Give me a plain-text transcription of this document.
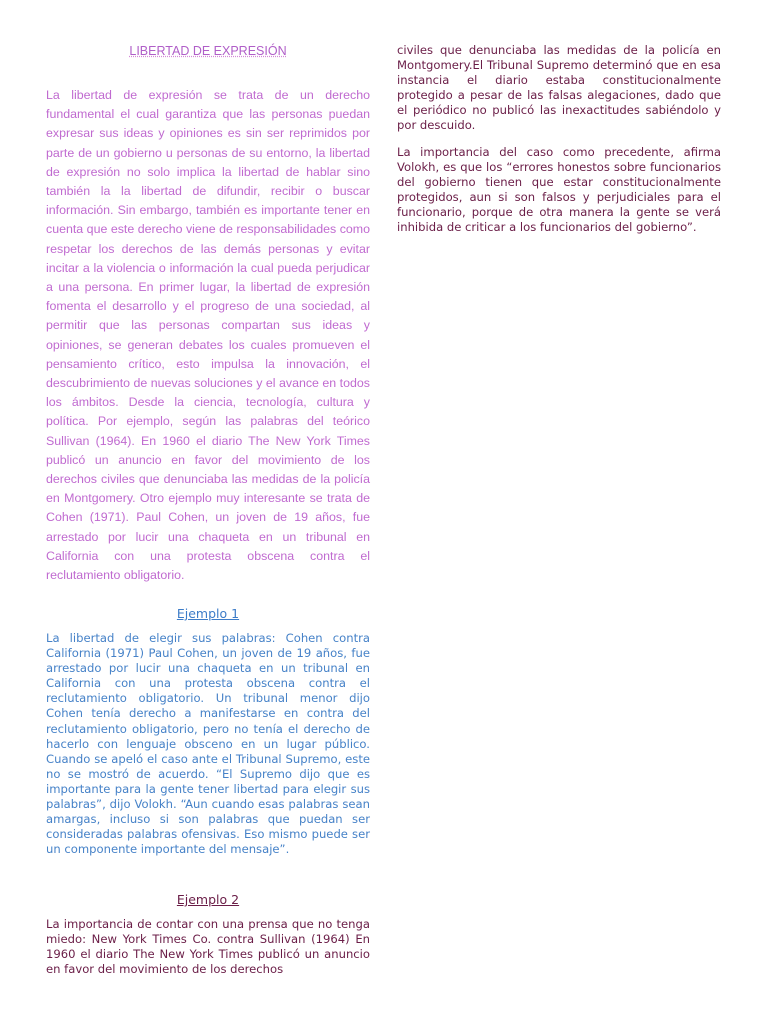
LIBERTAD DE EXPRESIÓN

La libertad de expresión se trata de un derecho fundamental el cual garantiza que las personas puedan expresar sus ideas y opiniones es sin ser reprimidos por parte de un gobierno u personas de su entorno, la libertad de expresión no solo implica la libertad de hablar sino también la la libertad de difundir, recibir o buscar información. Sin embargo, también es importante tener en cuenta que este derecho viene de responsabilidades como respetar los derechos de las demás personas y evitar incitar a la violencia o información la cual pueda perjudicar a una persona. En primer lugar, la libertad de expresión fomenta el desarrollo y el progreso de una sociedad, al permitir que las personas compartan sus ideas y opiniones, se generan debates los cuales promueven el pensamiento crítico, esto impulsa la innovación, el descubrimiento de nuevas soluciones y el avance en todos los ámbitos. Desde la ciencia, tecnología, cultura y política. Por ejemplo, según las palabras del teórico Sullivan (1964). En 1960 el diario The New York Times publicó un anuncio en favor del movimiento de los derechos civiles que denunciaba las medidas de la policía en Montgomery. Otro ejemplo muy interesante se trata de Cohen (1971). Paul Cohen, un joven de 19 años, fue arrestado por lucir una chaqueta en un tribunal en California con una protesta obscena contra el reclutamiento obligatorio.

Ejemplo 1

La libertad de elegir sus palabras: Cohen contra California (1971) Paul Cohen, un joven de 19 años, fue arrestado por lucir una chaqueta en un tribunal en California con una protesta obscena contra el reclutamiento obligatorio. Un tribunal menor dijo Cohen tenía derecho a manifestarse en contra del reclutamiento obligatorio, pero no tenía el derecho de hacerlo con lenguaje obsceno en un lugar público. Cuando se apeló el caso ante el Tribunal Supremo, este no se mostró de acuerdo. “El Supremo dijo que es importante para la gente tener libertad para elegir sus palabras”, dijo Volokh. “Aun cuando esas palabras sean amargas, incluso si son palabras que puedan ser consideradas palabras ofensivas. Eso mismo puede ser un componente importante del mensaje”.

Ejemplo 2

La importancia de contar con una prensa que no tenga miedo: New York Times Co. contra Sullivan (1964) En 1960 el diario The New York Times publicó un anuncio en favor del movimiento de los derechos

civiles que denunciaba las medidas de la policía en Montgomery.El Tribunal Supremo determinó que en esa instancia el diario estaba constitucionalmente protegido a pesar de las falsas alegaciones, dado que el periódico no publicó las inexactitudes sabiéndolo y por descuido.

La importancia del caso como precedente, afirma Volokh, es que los “errores honestos sobre funcionarios del gobierno tienen que estar constitucionalmente protegidos, aun si son falsos y perjudiciales para el funcionario, porque de otra manera la gente se verá inhibida de criticar a los funcionarios del gobierno”.
